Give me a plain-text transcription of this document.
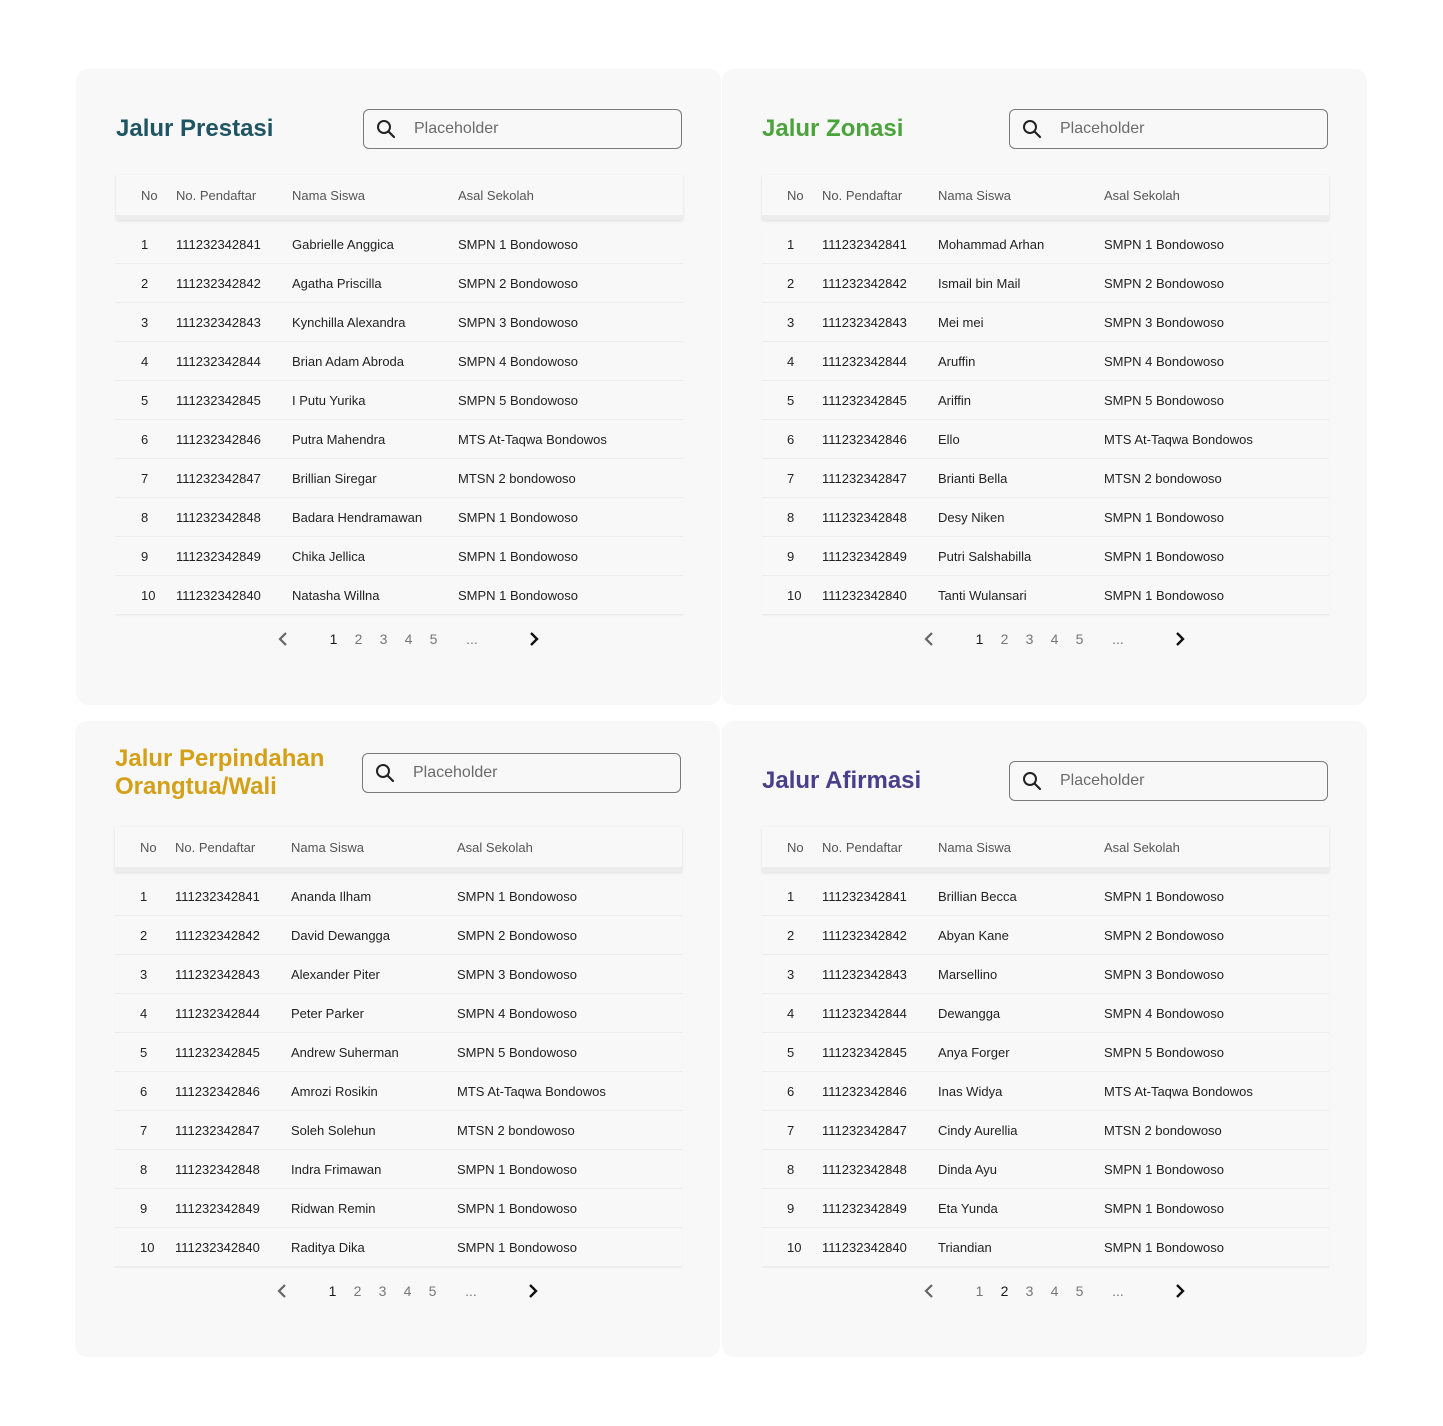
Jalur Prestasi
Placeholder
No	No. Pendaftar	Nama Siswa	Asal Sekolah
1	111232342841	Gabrielle Anggica	SMPN 1 Bondowoso
2	111232342842	Agatha Priscilla	SMPN 2 Bondowoso
3	111232342843	Kynchilla Alexandra	SMPN 3 Bondowoso
4	111232342844	Brian Adam Abroda	SMPN 4 Bondowoso
5	111232342845	I Putu Yurika	SMPN 5 Bondowoso
6	111232342846	Putra Mahendra	MTS At-Taqwa Bondowos
7	111232342847	Brillian Siregar	MTSN 2 bondowoso
8	111232342848	Badara Hendramawan	SMPN 1 Bondowoso
9	111232342849	Chika Jellica	SMPN 1 Bondowoso
10	111232342840	Natasha Willna	SMPN 1 Bondowoso
1	2	3	4	5	...
Jalur Zonasi
Placeholder
No	No. Pendaftar	Nama Siswa	Asal Sekolah
1	111232342841	Mohammad Arhan	SMPN 1 Bondowoso
2	111232342842	Ismail bin Mail	SMPN 2 Bondowoso
3	111232342843	Mei mei	SMPN 3 Bondowoso
4	111232342844	Aruffin	SMPN 4 Bondowoso
5	111232342845	Ariffin	SMPN 5 Bondowoso
6	111232342846	Ello	MTS At-Taqwa Bondowos
7	111232342847	Brianti Bella	MTSN 2 bondowoso
8	111232342848	Desy Niken	SMPN 1 Bondowoso
9	111232342849	Putri Salshabilla	SMPN 1 Bondowoso
10	111232342840	Tanti Wulansari	SMPN 1 Bondowoso
1	2	3	4	5	...
Jalur Perpindahan Orangtua/Wali
Placeholder
No	No. Pendaftar	Nama Siswa	Asal Sekolah
1	111232342841	Ananda Ilham	SMPN 1 Bondowoso
2	111232342842	David Dewangga	SMPN 2 Bondowoso
3	111232342843	Alexander Piter	SMPN 3 Bondowoso
4	111232342844	Peter Parker	SMPN 4 Bondowoso
5	111232342845	Andrew Suherman	SMPN 5 Bondowoso
6	111232342846	Amrozi Rosikin	MTS At-Taqwa Bondowos
7	111232342847	Soleh Solehun	MTSN 2 bondowoso
8	111232342848	Indra Frimawan	SMPN 1 Bondowoso
9	111232342849	Ridwan Remin	SMPN 1 Bondowoso
10	111232342840	Raditya Dika	SMPN 1 Bondowoso
1	2	3	4	5	...
Jalur Afirmasi
Placeholder
No	No. Pendaftar	Nama Siswa	Asal Sekolah
1	111232342841	Brillian Becca	SMPN 1 Bondowoso
2	111232342842	Abyan Kane	SMPN 2 Bondowoso
3	111232342843	Marsellino	SMPN 3 Bondowoso
4	111232342844	Dewangga	SMPN 4 Bondowoso
5	111232342845	Anya Forger	SMPN 5 Bondowoso
6	111232342846	Inas Widya	MTS At-Taqwa Bondowos
7	111232342847	Cindy Aurellia	MTSN 2 bondowoso
8	111232342848	Dinda Ayu	SMPN 1 Bondowoso
9	111232342849	Eta Yunda	SMPN 1 Bondowoso
10	111232342840	Triandian	SMPN 1 Bondowoso
1	2	3	4	5	...
